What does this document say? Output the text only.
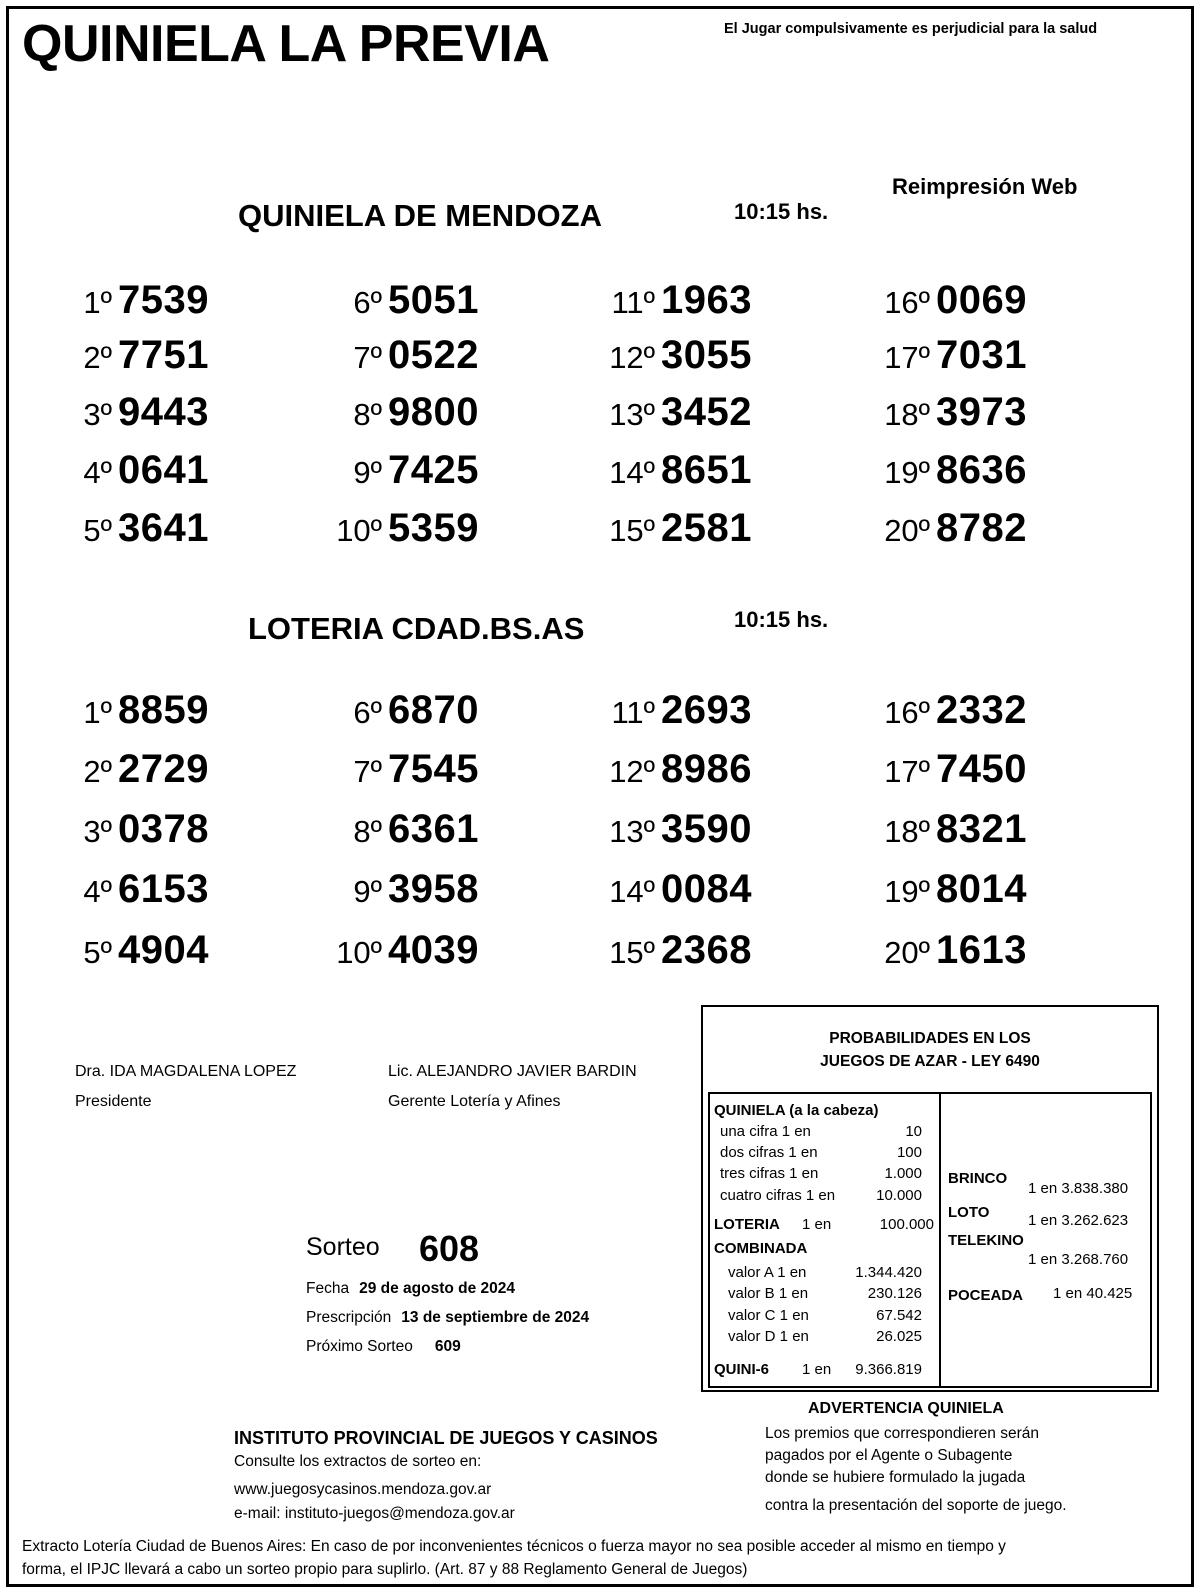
QUINIELA LA PREVIA	El Jugar compulsivamente es perjudicial para la salud
Reimpresión Web
QUINIELA DE MENDOZA	10:15 hs.
1º 7539
2º 7751
3º 9443
4º 0641
5º 3641
6º 5051
7º 0522
8º 9800
9º 7425
10º 5359
11º 1963
12º 3055
13º 3452
14º 8651
15º 2581
16º 0069
17º 7031
18º 3973
19º 8636
20º 8782
LOTERIA CDAD.BS.AS	10:15 hs.
1º 8859
2º 2729
3º 0378
4º 6153
5º 4904
6º 6870
7º 7545
8º 6361
9º 3958
10º 4039
11º 2693
12º 8986
13º 3590
14º 0084
15º 2368
16º 2332
17º 7450
18º 8321
19º 8014
20º 1613
Dra. IDA MAGDALENA LOPEZ
Presidente
Lic. ALEJANDRO JAVIER BARDIN
Gerente Lotería y Afines
Sorteo 608
Fecha 29 de agosto de 2024
Prescripción 13 de septiembre de 2024
Próximo Sorteo 609
PROBABILIDADES EN LOS
JUEGOS DE AZAR - LEY 6490
QUINIELA (a la cabeza)
una cifra 1 en	10
dos cifras 1 en	100
tres cifras 1 en	1.000
cuatro cifras 1 en	10.000
LOTERIA 1 en	100.000
COMBINADA
valor A 1 en	1.344.420
valor B 1 en	230.126
valor C 1 en	67.542
valor D 1 en	26.025
QUINI-6 1 en 9.366.819
BRINCO
1 en 3.838.380
LOTO	1 en 3.262.623
TELEKINO
1 en 3.268.760
POCEADA 1 en 40.425
ADVERTENCIA QUINIELA
Los premios que correspondieren serán
pagados por el Agente o Subagente
donde se hubiere formulado la jugada
contra la presentación del soporte de juego.
INSTITUTO PROVINCIAL DE JUEGOS Y CASINOS
Consulte los extractos de sorteo en:
www.juegosycasinos.mendoza.gov.ar
e-mail: instituto-juegos@mendoza.gov.ar
Extracto Lotería Ciudad de Buenos Aires: En caso de por inconvenientes técnicos o fuerza mayor no sea posible acceder al mismo en tiempo y
forma, el IPJC llevará a cabo un sorteo propio para suplirlo. (Art. 87 y 88 Reglamento General de Juegos)
